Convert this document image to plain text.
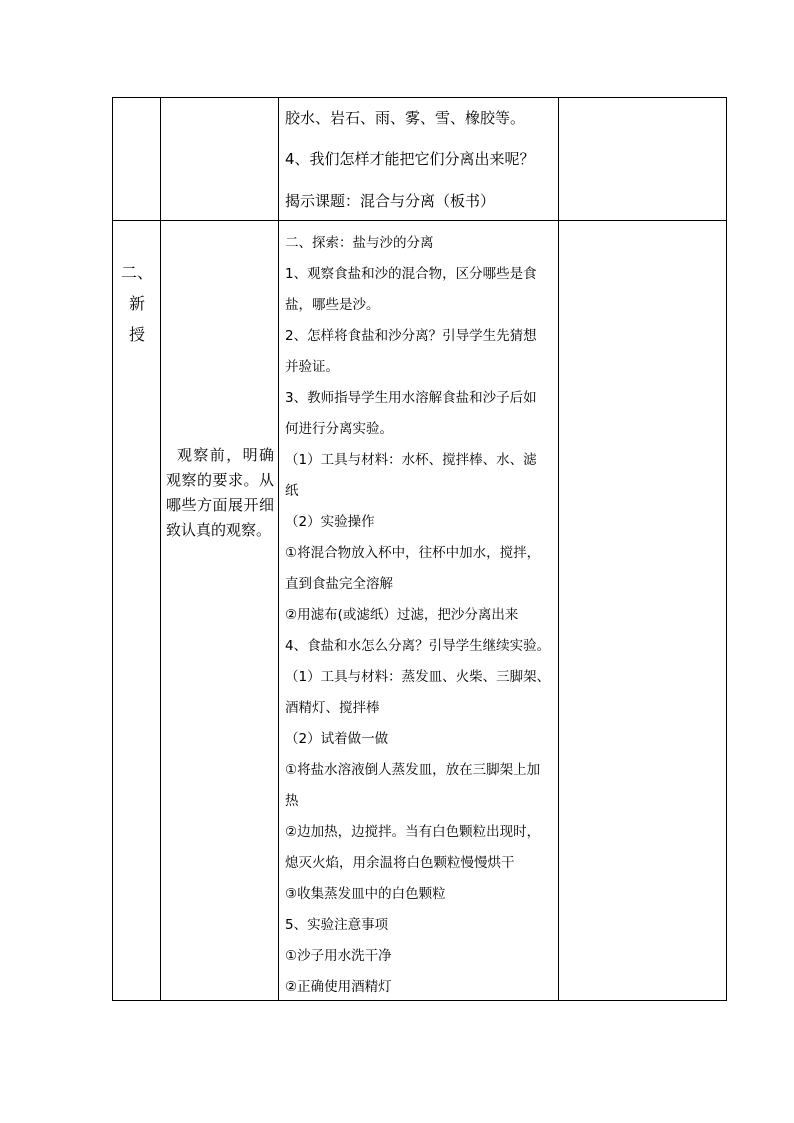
胶水、岩石、雨、雾、雪、橡胶等。
4、我们怎样才能把它们分离出来呢？
揭示课题：混合与分离（板书）
二、
新
授
观察前，明确观察的要求。从哪些方面展开细致认真的观察。
二、探索：盐与沙的分离
1、观察食盐和沙的混合物，区分哪些是食
盐，哪些是沙。
2、怎样将食盐和沙分离？引导学生先猜想
并验证。
3、教师指导学生用水溶解食盐和沙子后如
何进行分离实验。
（1）工具与材料：水杯、搅拌棒、水、滤
纸
（2）实验操作
①将混合物放入杯中，往杯中加水，搅拌，
直到食盐完全溶解
②用滤布(或滤纸）过滤，把沙分离出来
4、食盐和水怎么分离？引导学生继续实验。
（1）工具与材料：蒸发皿、火柴、三脚架、
酒精灯、搅拌棒
（2）试着做一做
①将盐水溶液倒人蒸发皿，放在三脚架上加
热
②边加热，边搅拌。当有白色颗粒出现时，
熄灭火焰，用余温将白色颗粒慢慢烘干
③收集蒸发皿中的白色颗粒
5、实验注意事项
①沙子用水洗干净
②正确使用酒精灯
